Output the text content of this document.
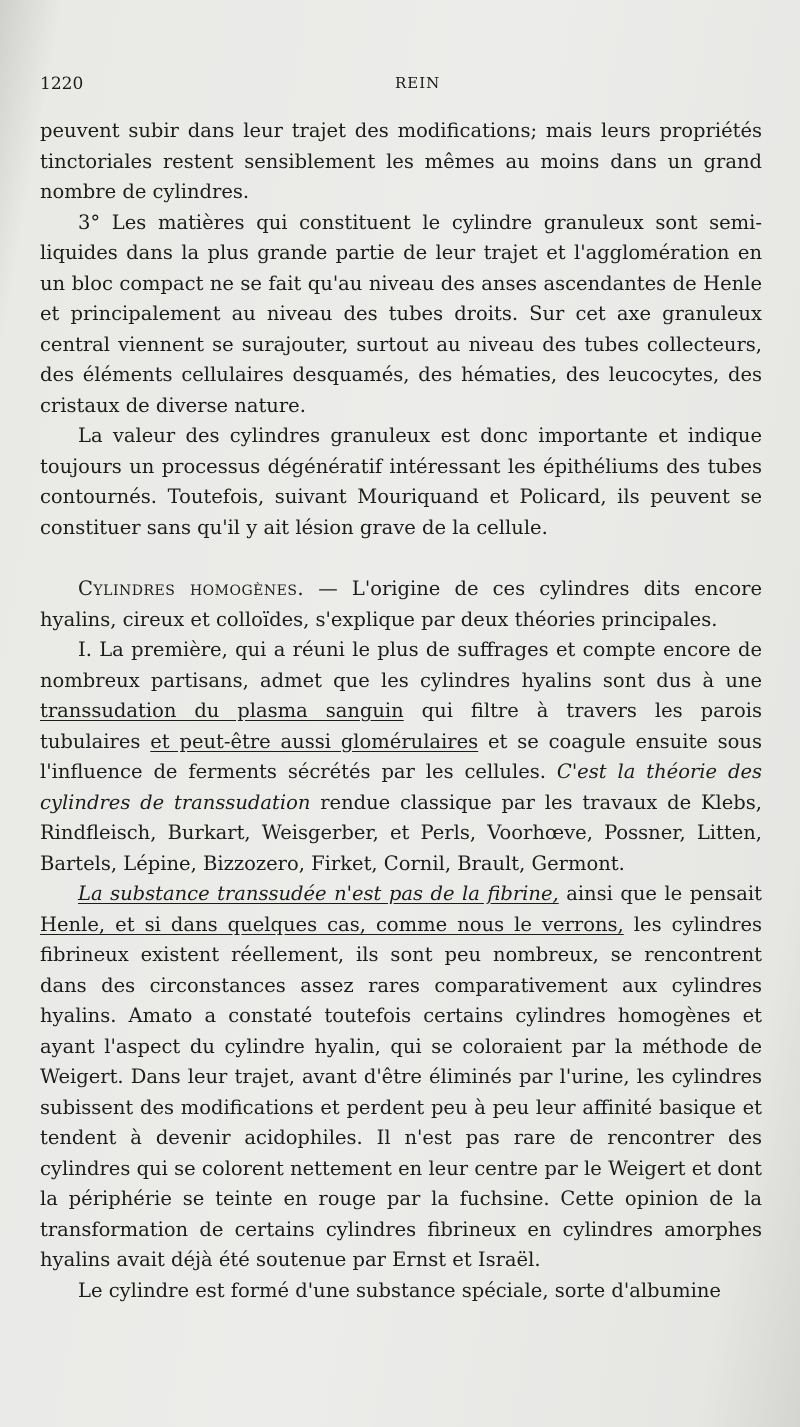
1220	REIN

peuvent subir dans leur trajet des modifications; mais leurs propriétés tinctoriales restent sensiblement les mêmes au moins dans un grand nombre de cylindres.

3° Les matières qui constituent le cylindre granuleux sont semi-liquides dans la plus grande partie de leur trajet et l'agglomération en un bloc compact ne se fait qu'au niveau des anses ascendantes de Henle et principalement au niveau des tubes droits. Sur cet axe granuleux central viennent se surajouter, surtout au niveau des tubes collecteurs, des éléments cellulaires desquamés, des hématies, des leucocytes, des cristaux de diverse nature.

La valeur des cylindres granuleux est donc importante et indique toujours un processus dégénératif intéressant les épithéliums des tubes contournés. Toutefois, suivant Mouriquand et Policard, ils peuvent se constituer sans qu'il y ait lésion grave de la cellule.

Cylindres homogènes. — L'origine de ces cylindres dits encore hyalins, cireux et colloïdes, s'explique par deux théories principales.

I. La première, qui a réuni le plus de suffrages et compte encore de nombreux partisans, admet que les cylindres hyalins sont dus à une transsudation du plasma sanguin qui filtre à travers les parois tubulaires et peut-être aussi glomérulaires et se coagule ensuite sous l'influence de ferments sécrétés par les cellules. C'est la théorie des cylindres de transsudation rendue classique par les travaux de Klebs, Rindfleisch, Burkart, Weisgerber, et Perls, Voorhœve, Possner, Litten, Bartels, Lépine, Bizzozero, Firket, Cornil, Brault, Germont.

La substance transsudée n'est pas de la fibrine, ainsi que le pensait Henle, et si dans quelques cas, comme nous le verrons, les cylindres fibrineux existent réellement, ils sont peu nombreux, se rencontrent dans des circonstances assez rares comparativement aux cylindres hyalins. Amato a constaté toutefois certains cylindres homogènes et ayant l'aspect du cylindre hyalin, qui se coloraient par la méthode de Weigert. Dans leur trajet, avant d'être éliminés par l'urine, les cylindres subissent des modifications et perdent peu à peu leur affinité basique et tendent à devenir acidophiles. Il n'est pas rare de rencontrer des cylindres qui se colorent nettement en leur centre par le Weigert et dont la périphérie se teinte en rouge par la fuchsine. Cette opinion de la transformation de certains cylindres fibrineux en cylindres amorphes hyalins avait déjà été soutenue par Ernst et Israël.

Le cylindre est formé d'une substance spéciale, sorte d'albumine
